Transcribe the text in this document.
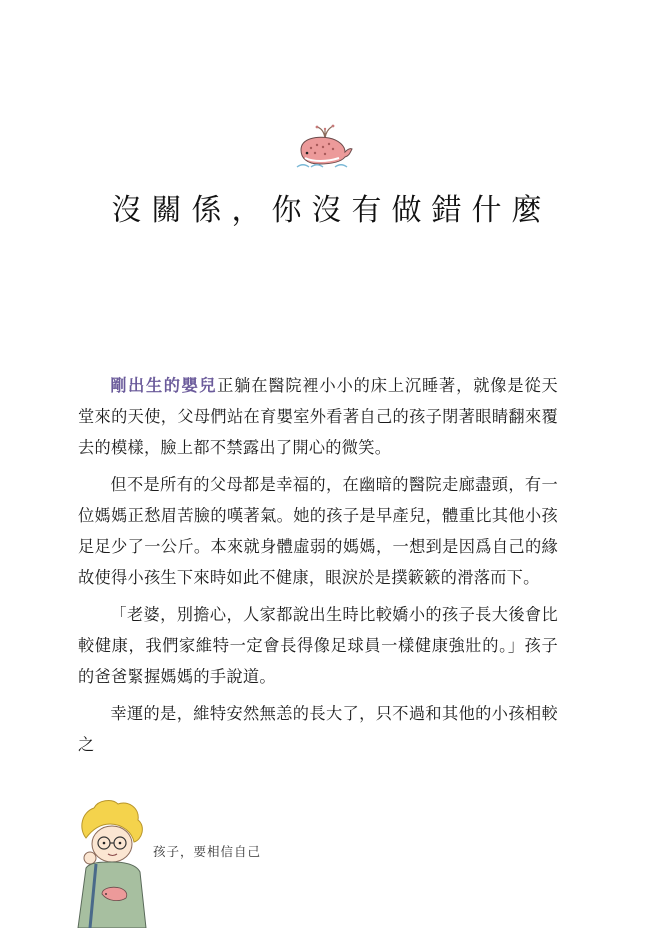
沒關係，你沒有做錯什麼

剛出生的嬰兒正躺在醫院裡小小的床上沉睡著，就像是從天堂來的天使，父母們站在育嬰室外看著自己的孩子閉著眼睛翻來覆去的模樣，臉上都不禁露出了開心的微笑。

但不是所有的父母都是幸福的，在幽暗的醫院走廊盡頭，有一位媽媽正愁眉苦臉的嘆著氣。她的孩子是早產兒，體重比其他小孩足足少了一公斤。本來就身體虛弱的媽媽，一想到是因爲自己的緣故使得小孩生下來時如此不健康，眼淚於是撲簌簌的滑落而下。

「老婆，別擔心，人家都說出生時比較嬌小的孩子長大後會比較健康，我們家維特一定會長得像足球員一樣健康強壯的。」孩子的爸爸緊握媽媽的手說道。

幸運的是，維特安然無恙的長大了，只不過和其他的小孩相較之

孩子，要相信自己
